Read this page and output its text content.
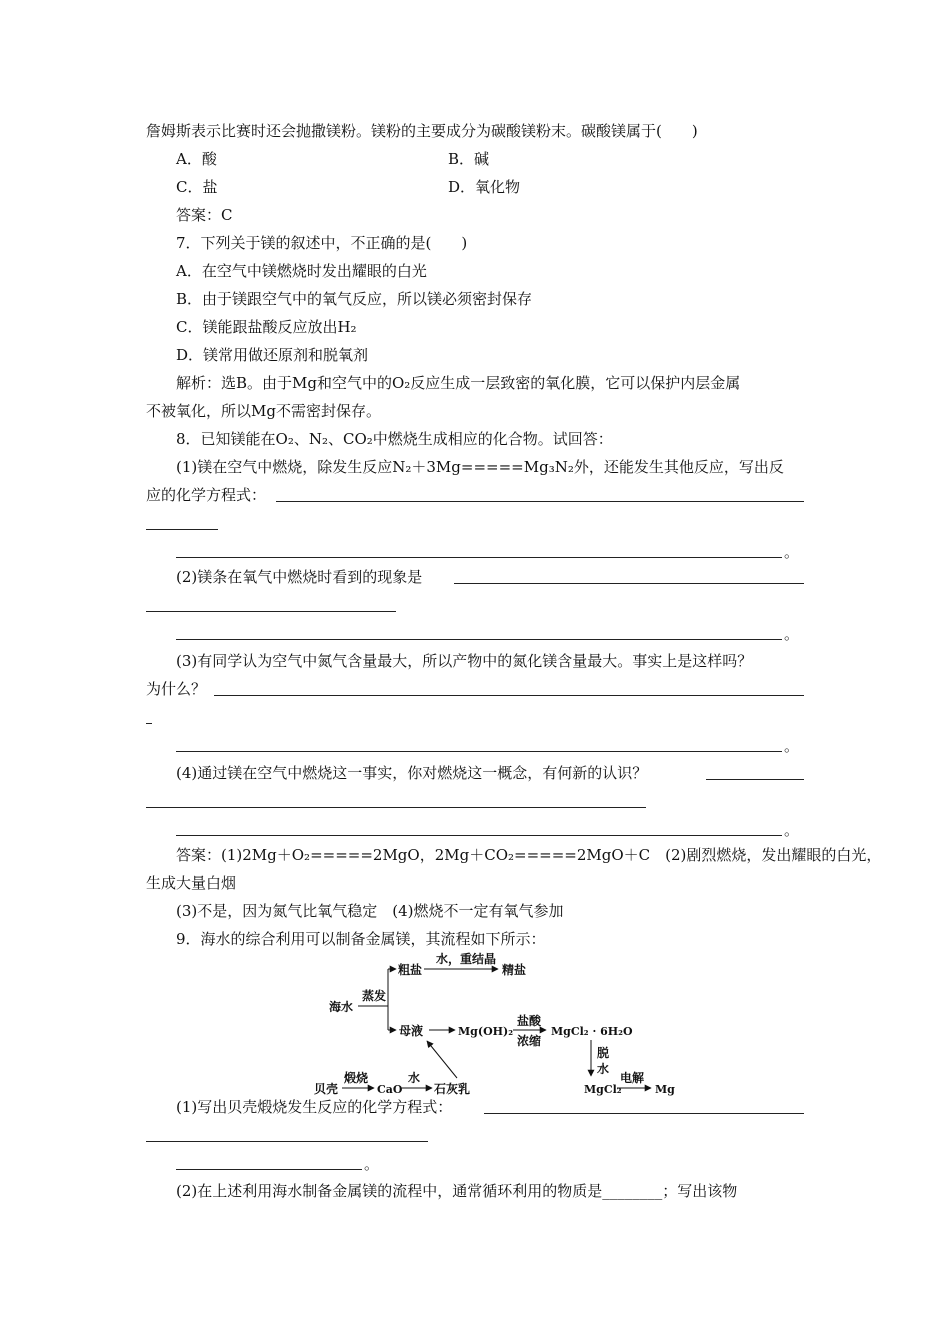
詹姆斯表示比赛时还会抛撒镁粉。镁粉的主要成分为碳酸镁粉末。碳酸镁属于(　　)
A．酸	B．碱
C．盐	D．氧化物
答案：C
7．下列关于镁的叙述中，不正确的是(　　)
A．在空气中镁燃烧时发出耀眼的白光
B．由于镁跟空气中的氧气反应，所以镁必须密封保存
C．镁能跟盐酸反应放出H₂
D．镁常用做还原剂和脱氧剂
解析：选B。由于Mg和空气中的O₂反应生成一层致密的氧化膜，它可以保护内层金属
不被氧化，所以Mg不需密封保存。
8．已知镁能在O₂、N₂、CO₂中燃烧生成相应的化合物。试回答：
(1)镁在空气中燃烧，除发生反应N₂＋3Mg=====Mg₃N₂外，还能发生其他反应，写出反
应的化学方程式：
。
(2)镁条在氧气中燃烧时看到的现象是
。
(3)有同学认为空气中氮气含量最大，所以产物中的氮化镁含量最大。事实上是这样吗？
为什么？
。
(4)通过镁在空气中燃烧这一事实，你对燃烧这一概念，有何新的认识？
。
答案：(1)2Mg＋O₂=====2MgO，2Mg＋CO₂=====2MgO＋C　(2)剧烈燃烧，发出耀眼的白光，
生成大量白烟
(3)不是，因为氮气比氧气稳定　(4)燃烧不一定有氧气参加
9．海水的综合利用可以制备金属镁，其流程如下所示：
海水
蒸发
粗盐
水，重结晶
精盐
母液	Mg(OH)₂
盐酸
浓缩
MgCl₂ · 6H₂O
脱
水
MgCl₂
电解
Mg
贝壳
煅烧
CaO
水
石灰乳
(1)写出贝壳煅烧发生反应的化学方程式：
。
(2)在上述利用海水制备金属镁的流程中，通常循环利用的物质是________；写出该物
